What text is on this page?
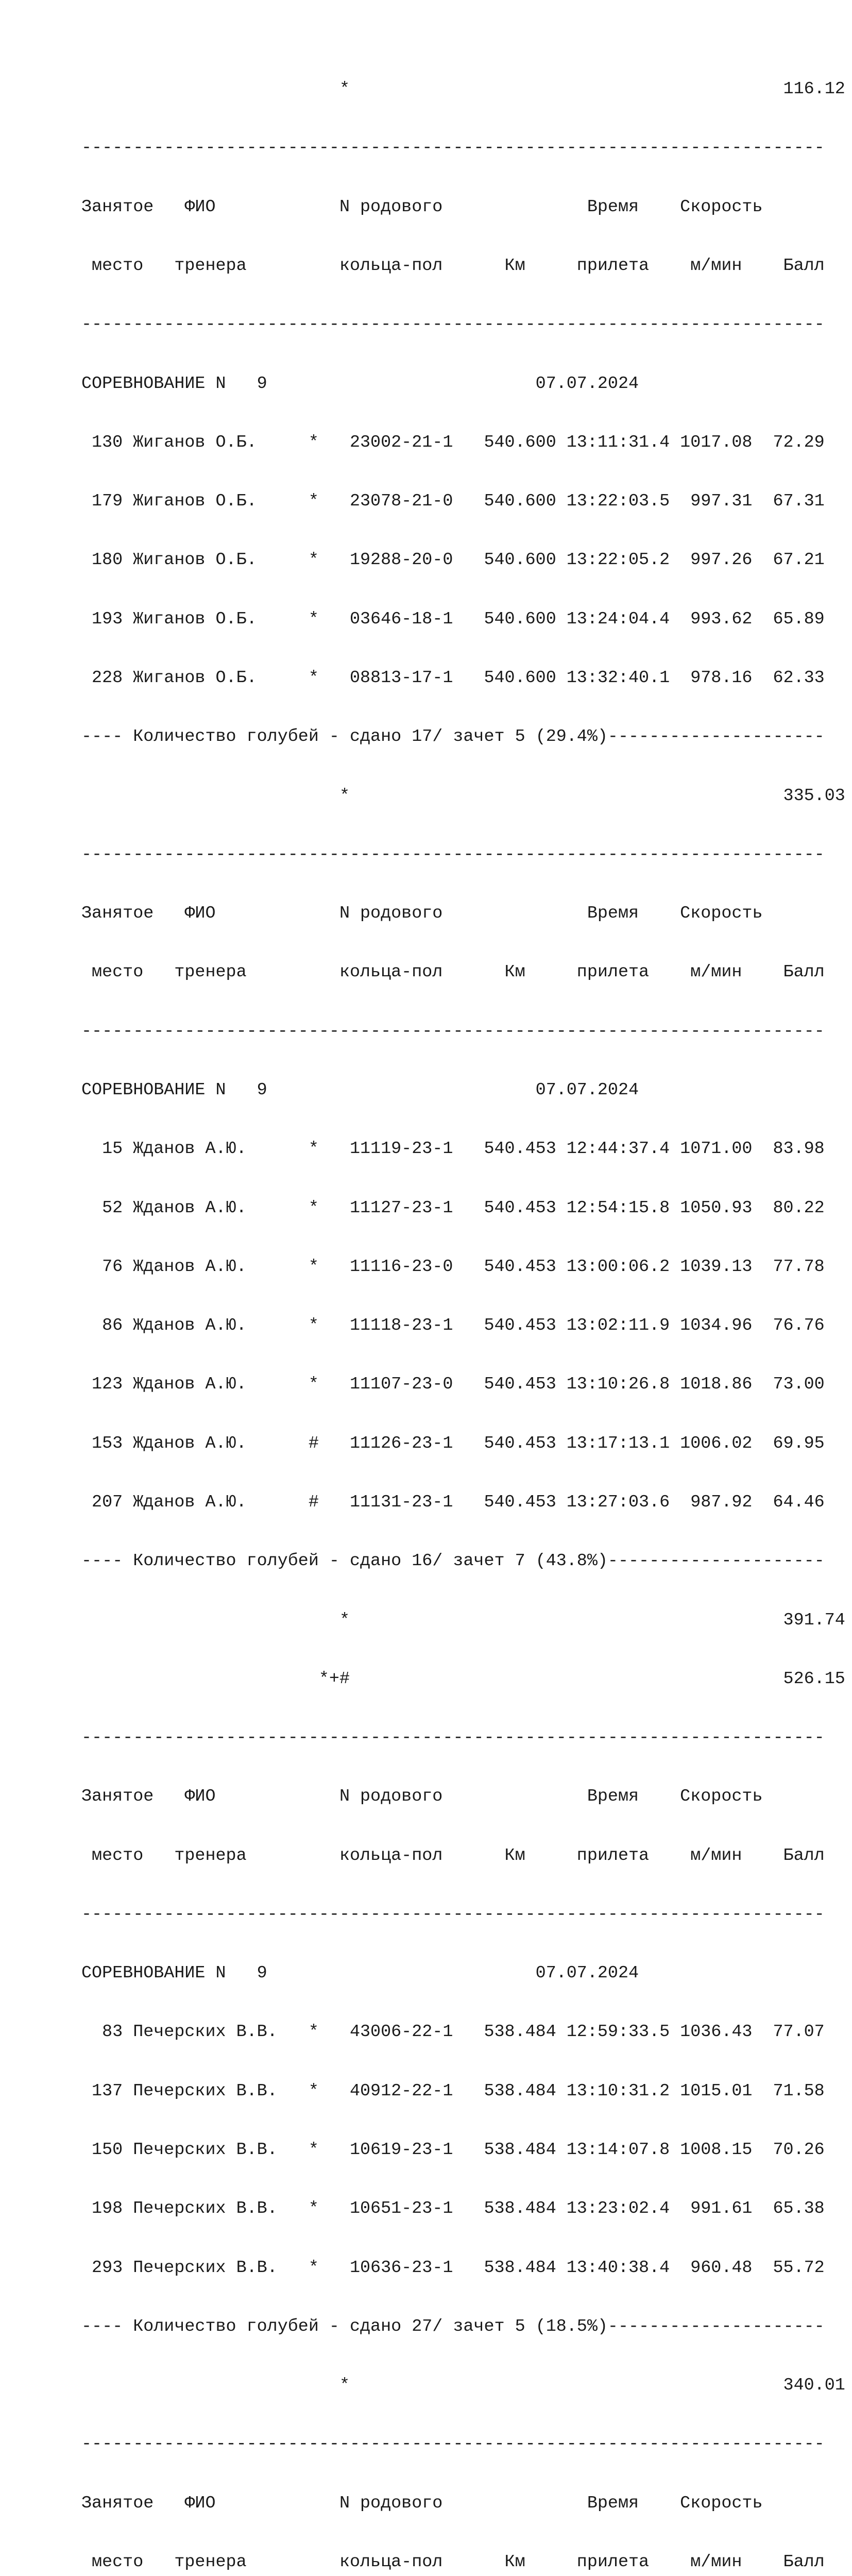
*                                          116.12

------------------------------------------------------------------------

Занятое   ФИО            N родового              Время    Скорость

место   тренера         кольца-пол      Км     прилета    м/мин    Балл

------------------------------------------------------------------------

СОРЕВНОВАНИЕ N   9                          07.07.2024

130 Жиганов О.Б.     *   23002-21-1   540.600 13:11:31.4 1017.08  72.29

179 Жиганов О.Б.     *   23078-21-0   540.600 13:22:03.5  997.31  67.31

180 Жиганов О.Б.     *   19288-20-0   540.600 13:22:05.2  997.26  67.21

193 Жиганов О.Б.     *   03646-18-1   540.600 13:24:04.4  993.62  65.89

228 Жиганов О.Б.     *   08813-17-1   540.600 13:32:40.1  978.16  62.33

---- Количество голубей - сдано 17/ зачет 5 (29.4%)---------------------

*                                          335.03

------------------------------------------------------------------------

Занятое   ФИО            N родового              Время    Скорость

место   тренера         кольца-пол      Км     прилета    м/мин    Балл

------------------------------------------------------------------------

СОРЕВНОВАНИЕ N   9                          07.07.2024

15 Жданов А.Ю.      *   11119-23-1   540.453 12:44:37.4 1071.00  83.98

52 Жданов А.Ю.      *   11127-23-1   540.453 12:54:15.8 1050.93  80.22

76 Жданов А.Ю.      *   11116-23-0   540.453 13:00:06.2 1039.13  77.78

86 Жданов А.Ю.      *   11118-23-1   540.453 13:02:11.9 1034.96  76.76

123 Жданов А.Ю.      *   11107-23-0   540.453 13:10:26.8 1018.86  73.00

153 Жданов А.Ю.      #   11126-23-1   540.453 13:17:13.1 1006.02  69.95

207 Жданов А.Ю.      #   11131-23-1   540.453 13:27:03.6  987.92  64.46

---- Количество голубей - сдано 16/ зачет 7 (43.8%)---------------------

*                                          391.74

*+#                                          526.15

------------------------------------------------------------------------

Занятое   ФИО            N родового              Время    Скорость

место   тренера         кольца-пол      Км     прилета    м/мин    Балл

------------------------------------------------------------------------

СОРЕВНОВАНИЕ N   9                          07.07.2024

83 Печерских В.В.   *   43006-22-1   538.484 12:59:33.5 1036.43  77.07

137 Печерских В.В.   *   40912-22-1   538.484 13:10:31.2 1015.01  71.58

150 Печерских В.В.   *   10619-23-1   538.484 13:14:07.8 1008.15  70.26

198 Печерских В.В.   *   10651-23-1   538.484 13:23:02.4  991.61  65.38

293 Печерских В.В.   *   10636-23-1   538.484 13:40:38.4  960.48  55.72

---- Количество голубей - сдано 27/ зачет 5 (18.5%)---------------------

*                                          340.01

------------------------------------------------------------------------

Занятое   ФИО            N родового              Время    Скорость

место   тренера         кольца-пол      Км     прилета    м/мин    Балл
